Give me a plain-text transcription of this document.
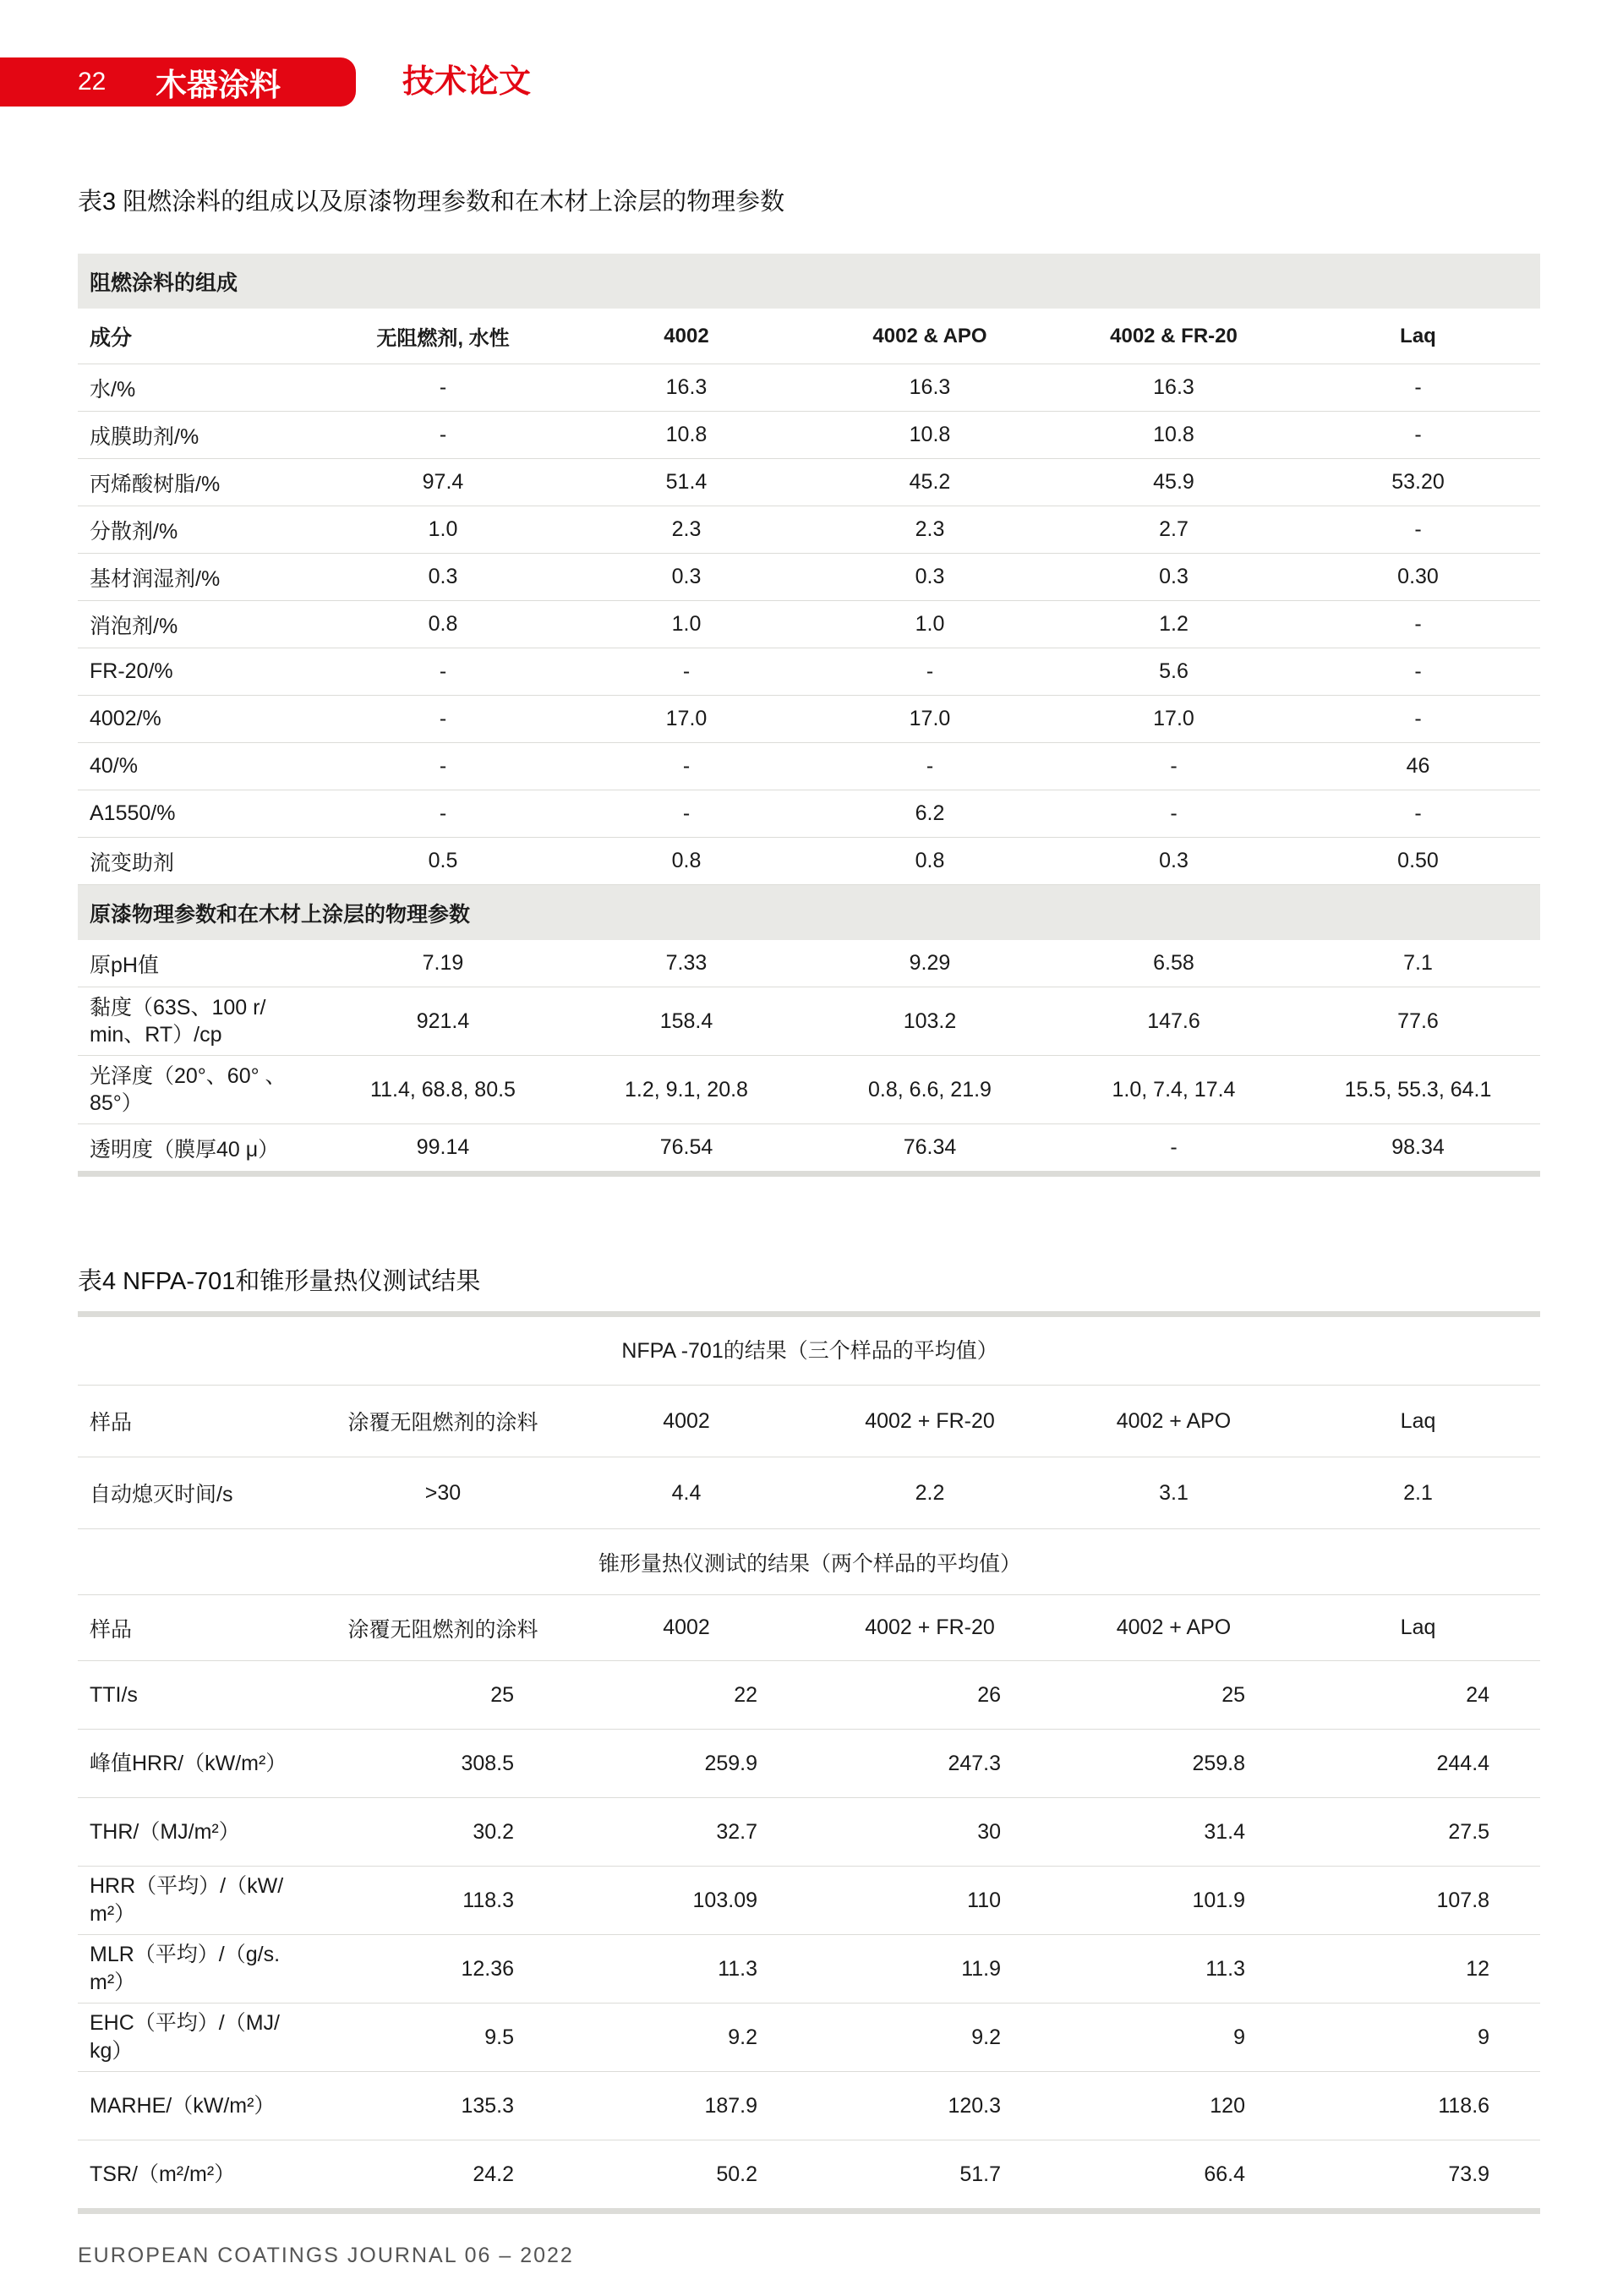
22	木器涂料	技术论文
表3 阻燃涂料的组成以及原漆物理参数和在木材上涂层的物理参数
阻燃涂料的组成					
成分	无阻燃剂, 水性	4002	4002 & APO	4002 & FR-20	Laq
水/%	-	16.3	16.3	16.3	-
成膜助剂/%	-	10.8	10.8	10.8	-
丙烯酸树脂/%	97.4	51.4	45.2	45.9	53.20
分散剂/%	1.0	2.3	2.3	2.7	-
基材润湿剂/%	0.3	0.3	0.3	0.3	0.30
消泡剂/%	0.8	1.0	1.0	1.2	-
FR-20/%	-	-	-	5.6	-
4002/%	-	17.0	17.0	17.0	-
40/%	-	-	-	-	46
A1550/%	-	-	6.2	-	-
流变助剂	0.5	0.8	0.8	0.3	0.50
原漆物理参数和在木材上涂层的物理参数					
原pH值	7.19	7.33	9.29	6.58	7.1
黏度（63S、100 r/ min、RT）/cp	921.4	158.4	103.2	147.6	77.6
光泽度（20°、60° 、85°）	11.4, 68.8, 80.5	1.2, 9.1, 20.8	0.8, 6.6, 21.9	1.0, 7.4, 17.4	15.5, 55.3, 64.1
透明度（膜厚40 μ）	99.14	76.54	76.34	-	98.34
表4 NFPA-701和锥形量热仪测试结果
NFPA -701的结果（三个样品的平均值）					
样品	涂覆无阻燃剂的涂料	4002	4002 + FR-20	4002 + APO	Laq
自动熄灭时间/s	>30	4.4	2.2	3.1	2.1
锥形量热仪测试的结果（两个样品的平均值）					
样品	涂覆无阻燃剂的涂料	4002	4002 + FR-20	4002 + APO	Laq
TTI/s	25	22	26	25	24
峰值HRR/（kW/m²）	308.5	259.9	247.3	259.8	244.4
THR/（MJ/m²）	30.2	32.7	30	31.4	27.5
HRR（平均）/（kW/ m²）	118.3	103.09	110	101.9	107.8
MLR（平均）/（g/s. m²）	12.36	11.3	11.9	11.3	12
EHC（平均）/（MJ/ kg）	9.5	9.2	9.2	9	9
MARHE/（kW/m²）	135.3	187.9	120.3	120	118.6
TSR/（m²/m²）	24.2	50.2	51.7	66.4	73.9
EUROPEAN COATINGS JOURNAL 06 – 2022
